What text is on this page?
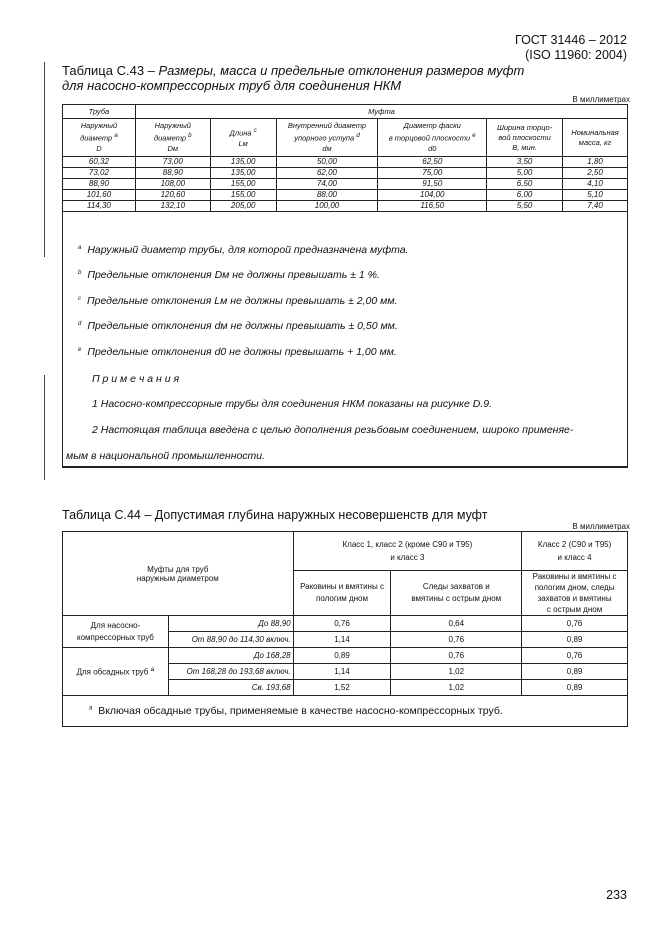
ГОСТ 31446 – 2012
(ISO 11960: 2004)
Таблица С.43 – Размеры, масса и предельные отклонения размеров муфт
для насосно-компрессорных труб для соединения НКМ
В миллиметрах
Труба	Муфта					
Наружный
диаметр $^a$
D	Наружный
диаметр $^b$
Dм	Длина $^c$
Lм	Внутренний диаметр
упорного уступа $^d$
dм	Диаметр фаски
в торцовой плоскости $^e$
d0	Ширина торцо-
вой плоскости
B, мин.	Номинальная
масса, кг
60,32	73,00	135,00	50,00	62,50	3,50	1,80
73,02	88,90	135,00	62,00	75,00	5,00	2,50
88,90	108,00	155,00	74,00	91,50	6,50	4,10
101,60	120,60	155,00	88,00	104,00	6,00	5,10
114,30	132,10	205,00	100,00	116,50	5,50	7,40

$^a$ Наружный диаметр трубы, для которой предназначена муфта.
$^b$ Предельные отклонения Dм не должны превышать ± 1 %.
$^c$ Предельные отклонения Lм не должны превышать ± 2,00 мм.
$^d$ Предельные отклонения dм не должны превышать ± 0,50 мм.
$^e$ Предельные отклонения d0 не должны превышать + 1,00 мм.
П р и м е ч а н и я
1 Насосно-компрессорные трубы для соединения НКМ показаны на рисунке D.9.
2 Настоящая таблица введена с целью дополнения резьбовым соединением, широко применяе-
мым в национальной промышленности.
Таблица С.44 – Допустимая глубина наружных несовершенств для муфт
В миллиметрах
Муфты для труб
наружным диаметром		Класс 1, класс 2 (кроме С90 и Т95)
и класс 3		Класс 2 (С90 и Т95)
и класс 4
		Раковины и вмятины с
пологим дном	Следы захватов и
вмятины с острым дном	Раковины и вмятины с
пологим дном, следы
захватов и вмятины
с острым дном
Для насосно-
компрессорных труб	До 88,90	0,76	0,64	0,76
	От 88,90 до 114,30 включ.	1,14	0,76	0,89
Для обсадных труб $^a$	До 168,28	0,89	0,76	0,76
	От 168,28 до 193,68 включ.	1,14	1,02	0,89
	Св. 193,68	1,52	1,02	0,89
$^a$ Включая обсадные трубы, применяемые в качестве насосно-компрессорных труб.				
233
